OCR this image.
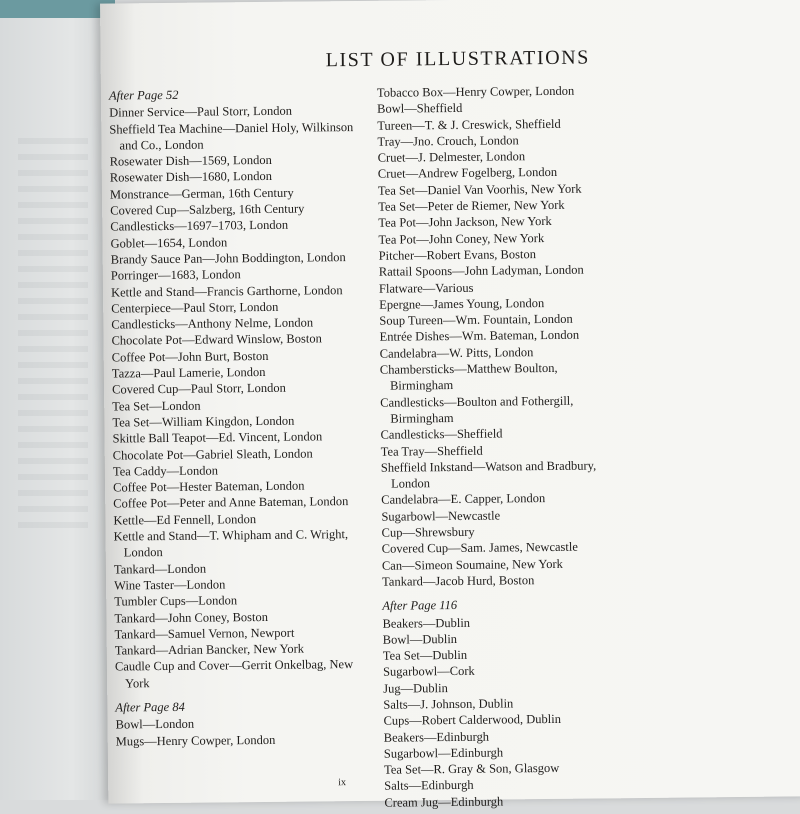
LIST OF ILLUSTRATIONS
After Page 52
Dinner Service—Paul Storr, London
Sheffield Tea Machine—Daniel Holy, Wilkinson and Co., London
Rosewater Dish—1569, London
Rosewater Dish—1680, London
Monstrance—German, 16th Century
Covered Cup—Salzberg, 16th Century
Candlesticks—1697–1703, London
Goblet—1654, London
Brandy Sauce Pan—John Boddington, London
Porringer—1683, London
Kettle and Stand—Francis Garthorne, London
Centerpiece—Paul Storr, London
Candlesticks—Anthony Nelme, London
Chocolate Pot—Edward Winslow, Boston
Coffee Pot—John Burt, Boston
Tazza—Paul Lamerie, London
Covered Cup—Paul Storr, London
Tea Set—London
Tea Set—William Kingdon, London
Skittle Ball Teapot—Ed. Vincent, London
Chocolate Pot—Gabriel Sleath, London
Tea Caddy—London
Coffee Pot—Hester Bateman, London
Coffee Pot—Peter and Anne Bateman, London
Kettle—Ed Fennell, London
Kettle and Stand—T. Whipham and C. Wright, London
Tankard—London
Wine Taster—London
Tumbler Cups—London
Tankard—John Coney, Boston
Tankard—Samuel Vernon, Newport
Tankard—Adrian Bancker, New York
Caudle Cup and Cover—Gerrit Onkelbag, New York
After Page 84
Bowl—London
Mugs—Henry Cowper, London
Tobacco Box—Henry Cowper, London
Bowl—Sheffield
Tureen—T. & J. Creswick, Sheffield
Tray—Jno. Crouch, London
Cruet—J. Delmester, London
Cruet—Andrew Fogelberg, London
Tea Set—Daniel Van Voorhis, New York
Tea Set—Peter de Riemer, New York
Tea Pot—John Jackson, New York
Tea Pot—John Coney, New York
Pitcher—Robert Evans, Boston
Rattail Spoons—John Ladyman, London
Flatware—Various
Epergne—James Young, London
Soup Tureen—Wm. Fountain, London
Entrée Dishes—Wm. Bateman, London
Candelabra—W. Pitts, London
Chambersticks—Matthew Boulton, Birmingham
Candlesticks—Boulton and Fothergill, Birmingham
Candlesticks—Sheffield
Tea Tray—Sheffield
Sheffield Inkstand—Watson and Bradbury, London
Candelabra—E. Capper, London
Sugarbowl—Newcastle
Cup—Shrewsbury
Covered Cup—Sam. James, Newcastle
Can—Simeon Soumaine, New York
Tankard—Jacob Hurd, Boston
After Page 116
Beakers—Dublin
Bowl—Dublin
Tea Set—Dublin
Sugarbowl—Cork
Jug—Dublin
Salts—J. Johnson, Dublin
Cups—Robert Calderwood, Dublin
Beakers—Edinburgh
Sugarbowl—Edinburgh
Tea Set—R. Gray & Son, Glasgow
Salts—Edinburgh
Cream Jug—Edinburgh
ix
